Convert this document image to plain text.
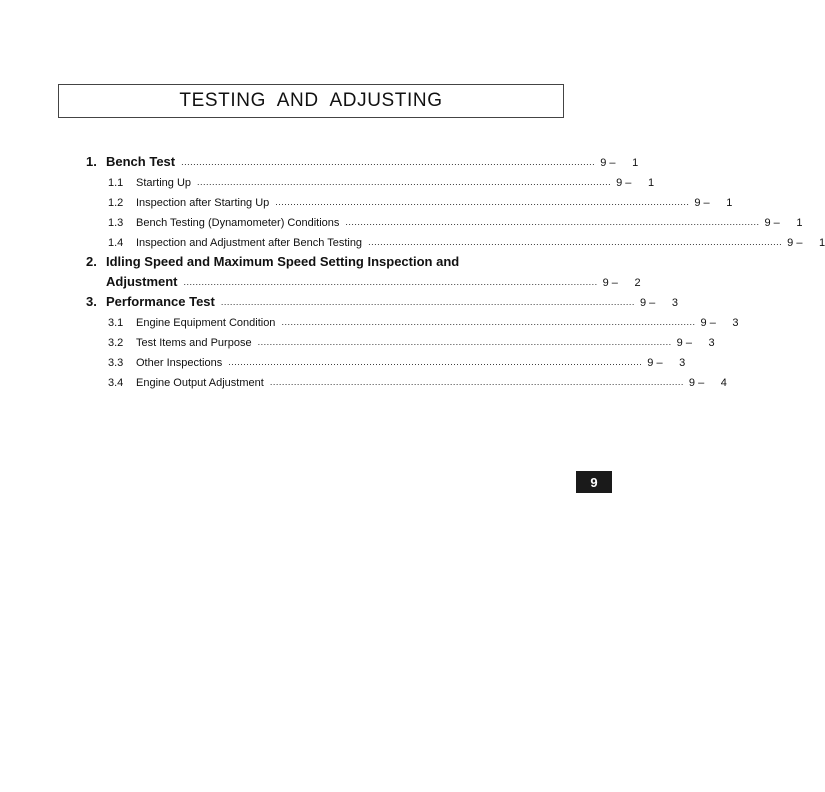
TESTING AND ADJUSTING
1. Bench Test .......................................................................................................................................... 9 –	1
1.1	Starting Up .......................................................................................................................................... 9 –	1
1.2	Inspection after Starting Up .......................................................................................................................................... 9 –	1
1.3	Bench Testing (Dynamometer) Conditions .......................................................................................................................................... 9 –	1
1.4	Inspection and Adjustment after Bench Testing .......................................................................................................................................... 9 –	1
2. Idling Speed and Maximum Speed Setting Inspection and
Adjustment .......................................................................................................................................... 9 –	2
3. Performance Test .......................................................................................................................................... 9 –	3
3.1	Engine Equipment Condition .......................................................................................................................................... 9 –	3
3.2	Test Items and Purpose .......................................................................................................................................... 9 –	3
3.3	Other Inspections .......................................................................................................................................... 9 –	3
3.4	Engine Output Adjustment .......................................................................................................................................... 9 –	4
9
